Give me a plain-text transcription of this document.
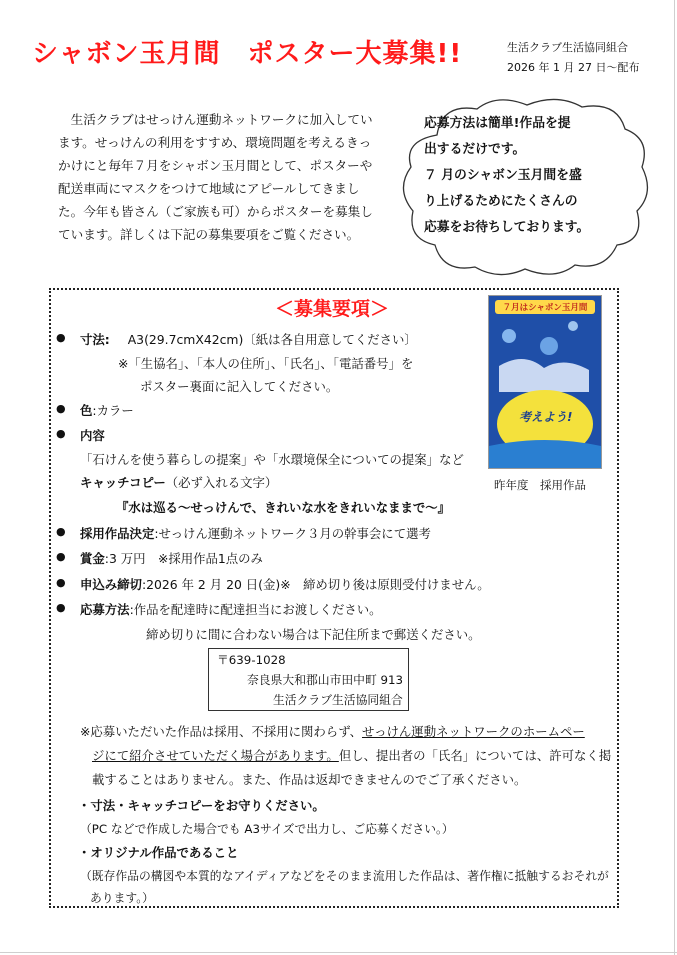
シャボン玉月間　ポスター大募集!!	生活クラブ生活協同組合
2026 年 1 月 27 日〜配布
生活クラブはせっけん運動ネットワークに加入しています。せっけんの利用をすすめ、環境問題を考えるきっかけにと毎年７月をシャボン玉月間として、ポスターや配送車両にマスクをつけて地域にアピールしてきました。今年も皆さん（ご家族も可）からポスターを募集しています。詳しくは下記の募集要項をご覧ください。
応募方法は簡単!作品を提
出するだけです。
７ 月のシャボン玉月間を盛
り上げるためにたくさんの
応募をお待ちしております。
＜募集要項＞	７月はシャボン玉月間
考えよう!
昨年度　採用作品
● 寸法: A3(29.7cmX42cm)〔紙は各自用意してください〕
※「生協名」、「本人の住所」、「氏名」、「電話番号」を
ポスター裏面に記入してください。
● 色:カラー
● 内容
「石けんを使う暮らしの提案」や「水環境保全についての提案」など
キャッチコピー（必ず入れる文字）
『水は巡る〜せっけんで、きれいな水をきれいなままで〜』
● 採用作品決定:せっけん運動ネットワーク３月の幹事会にて選考
● 賞金:3 万円　※採用作品1点のみ
● 申込み締切:2026 年 2 月 20 日(金)※　締め切り後は原則受付けません。
● 応募方法:作品を配達時に配達担当にお渡しください。
締め切りに間に合わない場合は下記住所まで郵送ください。
〒639-1028
奈良県大和郡山市田中町 913
生活クラブ生活協同組合
※応募いただいた作品は採用、不採用に関わらず、せっけん運動ネットワークのホームペー
ジにて紹介させていただく場合があります。但し、提出者の「氏名」については、許可なく掲
載することはありません。また、作品は返却できませんのでご了承ください。
・寸法・キャッチコピーをお守りください。
（PC などで作成した場合でも A3サイズで出力し、ご応募ください。）
・オリジナル作品であること
（既存作品の構図や本質的なアイディアなどをそのまま流用した作品は、著作権に抵触するおそれが
あります。）
